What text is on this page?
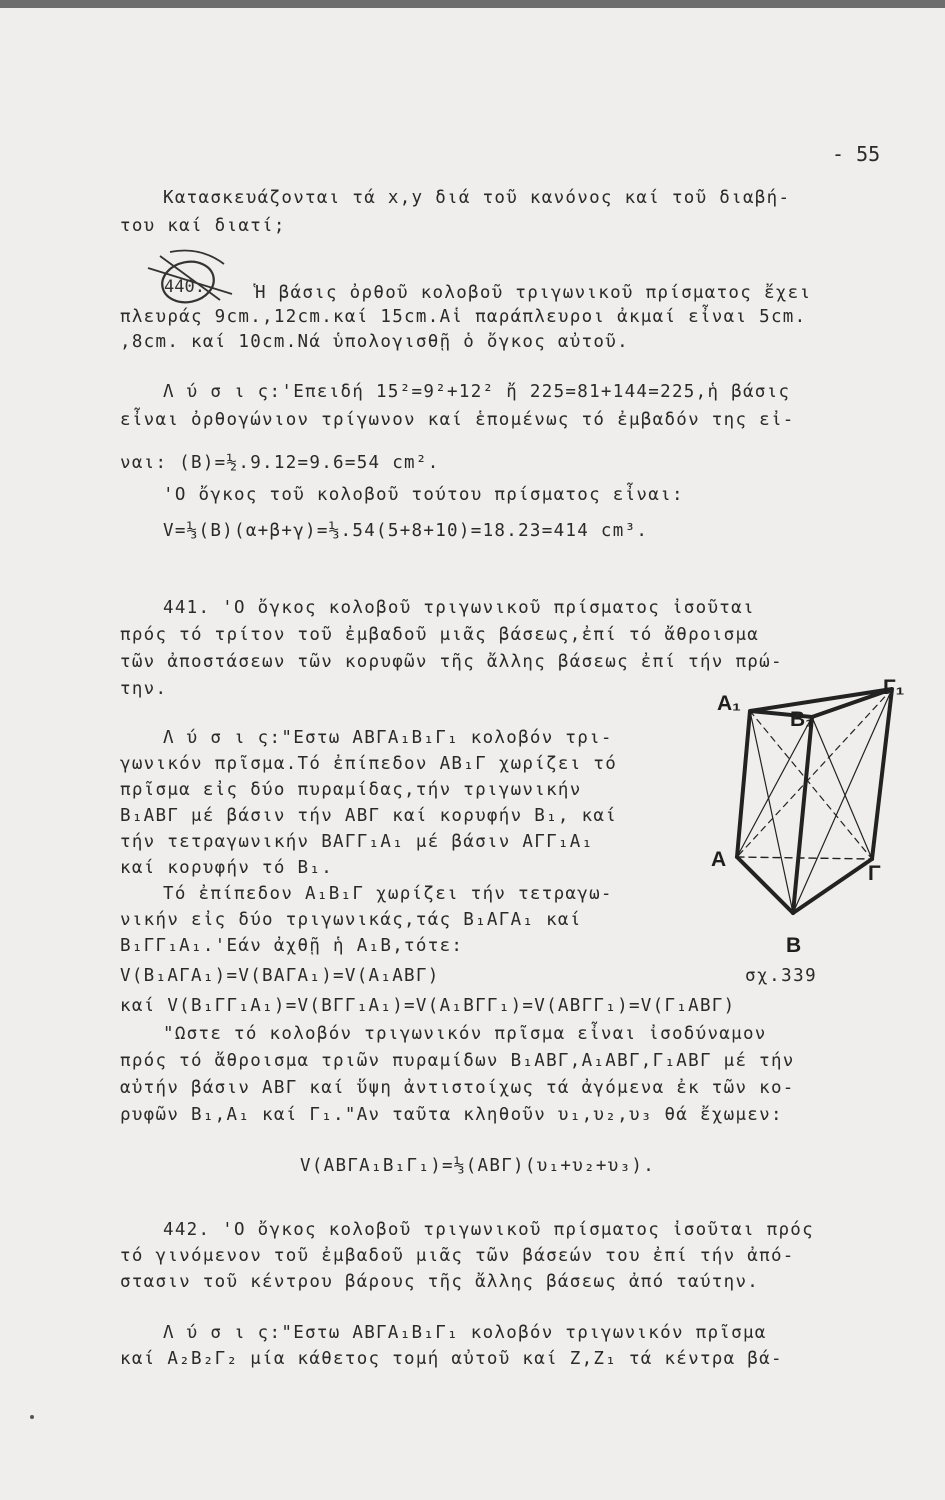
- 55
Κατασκευάζονται τά x,y διά τοῦ κανόνος καί τοῦ διαβή-
του καί διατί;
Ἡ βάσις ὀρθοῦ κολοβοῦ τριγωνικοῦ πρίσματος ἔχει
πλευράς 9cm.,12cm.καί 15cm.Αἱ παράπλευροι ἀκμαί εἶναι 5cm.
,8cm. καί 10cm.Νά ὑπολογισθῇ ὁ ὄγκος αὐτοῦ.
Λ ύ σ ι ς:'Επειδή 15²=9²+12² ἤ 225=81+144=225,ἡ βάσις
εἶναι ὀρθογώνιον τρίγωνον καί ἑπομένως τό ἐμβαδόν της εἰ-
ναι: (Β)=½.9.12=9.6=54 cm².
'Ο ὄγκος τοῦ κολοβοῦ τούτου πρίσματος εἶναι:
V=⅓(Β)(α+β+γ)=⅓.54(5+8+10)=18.23=414 cm³.
441. 'Ο ὄγκος κολοβοῦ τριγωνικοῦ πρίσματος ἰσοῦται
πρός τό τρίτον τοῦ ἐμβαδοῦ μιᾶς βάσεως,ἐπί τό ἄθροισμα
τῶν ἀποστάσεων τῶν κορυφῶν τῆς ἄλλης βάσεως ἐπί τήν πρώ-
την.
Λ ύ σ ι ς:"Εστω ΑΒΓΑ₁Β₁Γ₁ κολοβόν τρι-
γωνικόν πρῖσμα.Τό ἐπίπεδον ΑΒ₁Γ χωρίζει τό
πρῖσμα εἰς δύο πυραμίδας,τήν τριγωνικήν
Β₁ΑΒΓ μέ βάσιν τήν ΑΒΓ καί κορυφήν Β₁, καί
τήν τετραγωνικήν ΒΑΓΓ₁Α₁ μέ βάσιν ΑΓΓ₁Α₁
καί κορυφήν τό Β₁.
Τό ἐπίπεδον Α₁Β₁Γ χωρίζει τήν τετραγω-
νικήν εἰς δύο τριγωνικάς,τάς Β₁ΑΓΑ₁ καί
Β₁ΓΓ₁Α₁.'Εάν ἀχθῇ ἡ Α₁Β,τότε:
V(Β₁ΑΓΑ₁)=V(ΒΑΓΑ₁)=V(Α₁ΑΒΓ)
καί V(Β₁ΓΓ₁Α₁)=V(ΒΓΓ₁Α₁)=V(Α₁ΒΓΓ₁)=V(ΑΒΓΓ₁)=V(Γ₁ΑΒΓ)
"Ωστε τό κολοβόν τριγωνικόν πρῖσμα εἶναι ἰσοδύναμον
πρός τό ἄθροισμα τριῶν πυραμίδων Β₁ΑΒΓ,Α₁ΑΒΓ,Γ₁ΑΒΓ μέ τήν
αὐτήν βάσιν ΑΒΓ καί ὕψη ἀντιστοίχως τά ἀγόμενα ἐκ τῶν κο-
ρυφῶν Β₁,Α₁ καί Γ₁."Αν ταῦτα κληθοῦν υ₁,υ₂,υ₃ θά ἔχωμεν:
V(ΑΒΓΑ₁Β₁Γ₁)=⅓(ΑΒΓ)(υ₁+υ₂+υ₃).
442. 'Ο ὄγκος κολοβοῦ τριγωνικοῦ πρίσματος ἰσοῦται πρός
τό γινόμενον τοῦ ἐμβαδοῦ μιᾶς τῶν βάσεών του ἐπί τήν ἀπό-
στασιν τοῦ κέντρου βάρους τῆς ἄλλης βάσεως ἀπό ταύτην.
Λ ύ σ ι ς:"Εστω ΑΒΓΑ₁Β₁Γ₁ κολοβόν τριγωνικόν πρῖσμα
καί Α₂Β₂Γ₂ μία κάθετος τομή αὐτοῦ καί Ζ,Ζ₁ τά κέντρα βά-
440.
A₁
B₁
Γ₁
A
Γ
B
σχ.339
